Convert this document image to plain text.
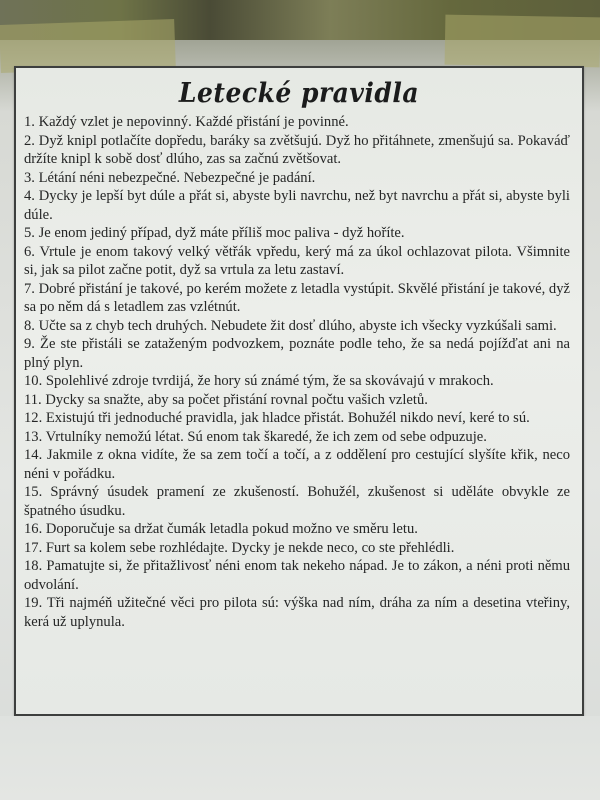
Letecké pravidla
1. Každý vzlet je nepovinný. Každé přistání je povinné.
2. Dyž knipl potlačíte dopředu, baráky sa zvětšujú. Dyž ho přitáhnete, zmenšujú sa. Pokaváď držíte knipl k sobě dosť dlúho, zas sa začnú zvětšovat.
3. Létání néni nebezpečné. Nebezpečné je padání.
4. Dycky je lepší byt dúle a přát si, abyste byli navrchu, než byt navrchu a přát si, abyste byli dúle.
5. Je enom jediný případ, dyž máte příliš moc paliva - dyž hoříte.
6. Vrtule je enom takový velký větřák vpředu, kerý má za úkol ochlazovat pilota. Všimnite si, jak sa pilot začne potit, dyž sa vrtula za letu zastaví.
7. Dobré přistání je takové, po kerém možete z letadla vystúpit. Skvělé přistání je takové, dyž sa po něm dá s letadlem zas vzlétnút.
8. Učte sa z chyb tech druhých. Nebudete žit dosť dlúho, abyste ich všecky vyzkúšali sami.
9. Že ste přistáli se zataženým podvozkem, poznáte podle teho, že sa nedá pojížďat ani na plný plyn.
10. Spolehlivé zdroje tvrdijá, že hory sú známé tým, že sa skovávajú v mrakoch.
11. Dycky sa snažte, aby sa počet přistání rovnal počtu vašich vzletů.
12. Existujú tři jednoduché pravidla, jak hladce přistát. Bohužél nikdo neví, keré to sú.
13. Vrtulníky nemožú létat. Sú enom tak škaredé, že ich zem od sebe odpuzuje.
14. Jakmile z okna vidíte, že sa zem točí a točí, a z oddělení pro cestující slyšíte křik, neco néni v pořádku.
15. Správný úsudek pramení ze zkušeností. Bohužél, zkušenost si uděláte obvykle ze špatného úsudku.
16. Doporučuje sa držat čumák letadla pokud možno ve směru letu.
17. Furt sa kolem sebe rozhlédajte. Dycky je nekde neco, co ste přehlédli.
18. Pamatujte si, že přitažlivosť néni enom tak nekeho nápad. Je to zákon, a néni proti němu odvolání.
19. Tři najméň užitečné věci pro pilota sú: výška nad ním, dráha za ním a desetina vteřiny, kerá už uplynula.
